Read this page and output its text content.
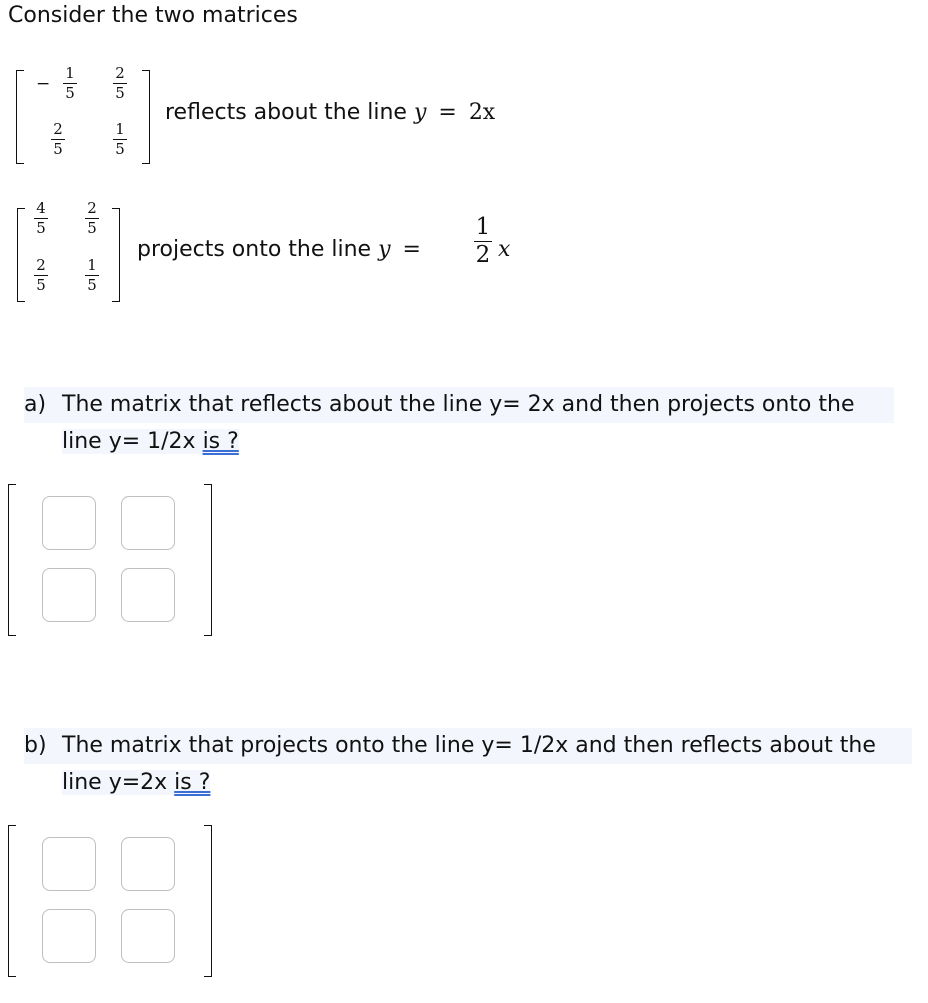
Consider the two matrices
−
1
5
2
5
2
5
1
5
reflects about the line y = 2x
4
5
2
5
2
5
1
5
projects onto the line y =
1
2 x
a) The matrix that reflects about the line y= 2x and then projects onto the
line y= 1/2x is ?
b) The matrix that projects onto the line y= 1/2x and then reflects about the
line y=2x is ?
